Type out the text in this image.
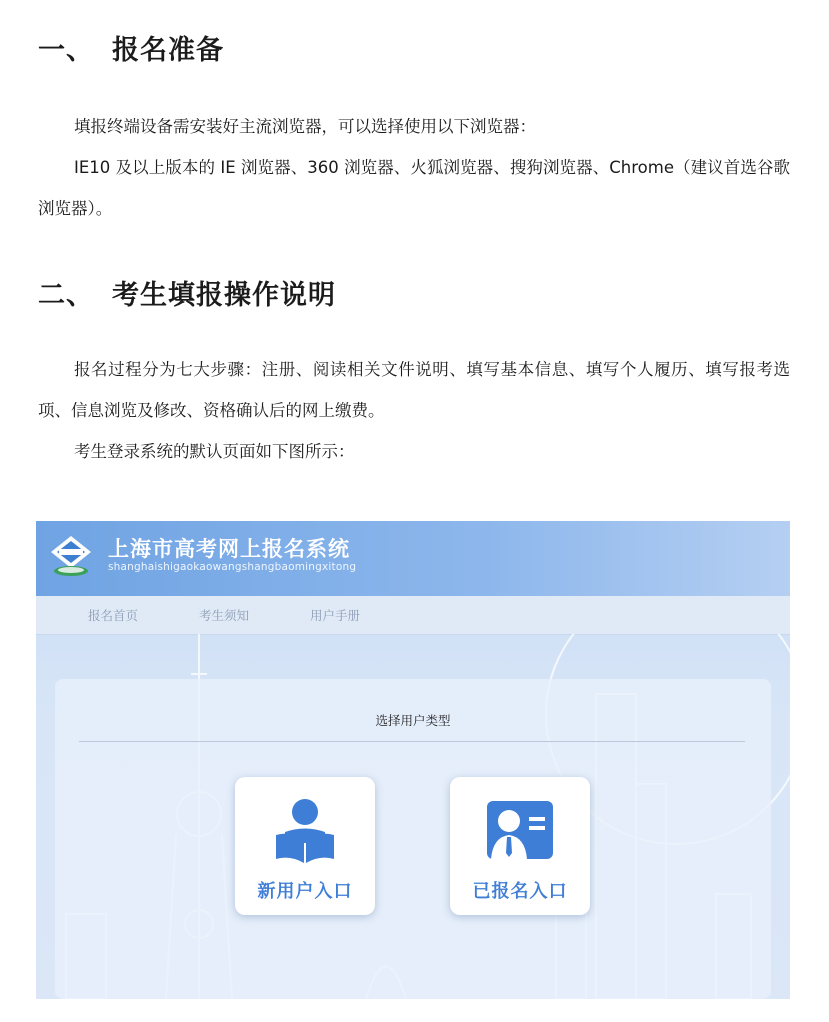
一、 报名准备

填报终端设备需安装好主流浏览器，可以选择使用以下浏览器：

IE10 及以上版本的 IE 浏览器、360 浏览器、火狐浏览器、搜狗浏览器、Chrome（建议首选谷歌浏览器）。

二、 考生填报操作说明

报名过程分为七大步骤：注册、阅读相关文件说明、填写基本信息、填写个人履历、填写报考选项、信息浏览及修改、资格确认后的网上缴费。

考生登录系统的默认页面如下图所示：

上海市高考网上报名系统
shanghaishigaokaowangshangbaomingxitong
报名首页	考生须知	用户手册
选择用户类型
新用户入口	已报名入口
